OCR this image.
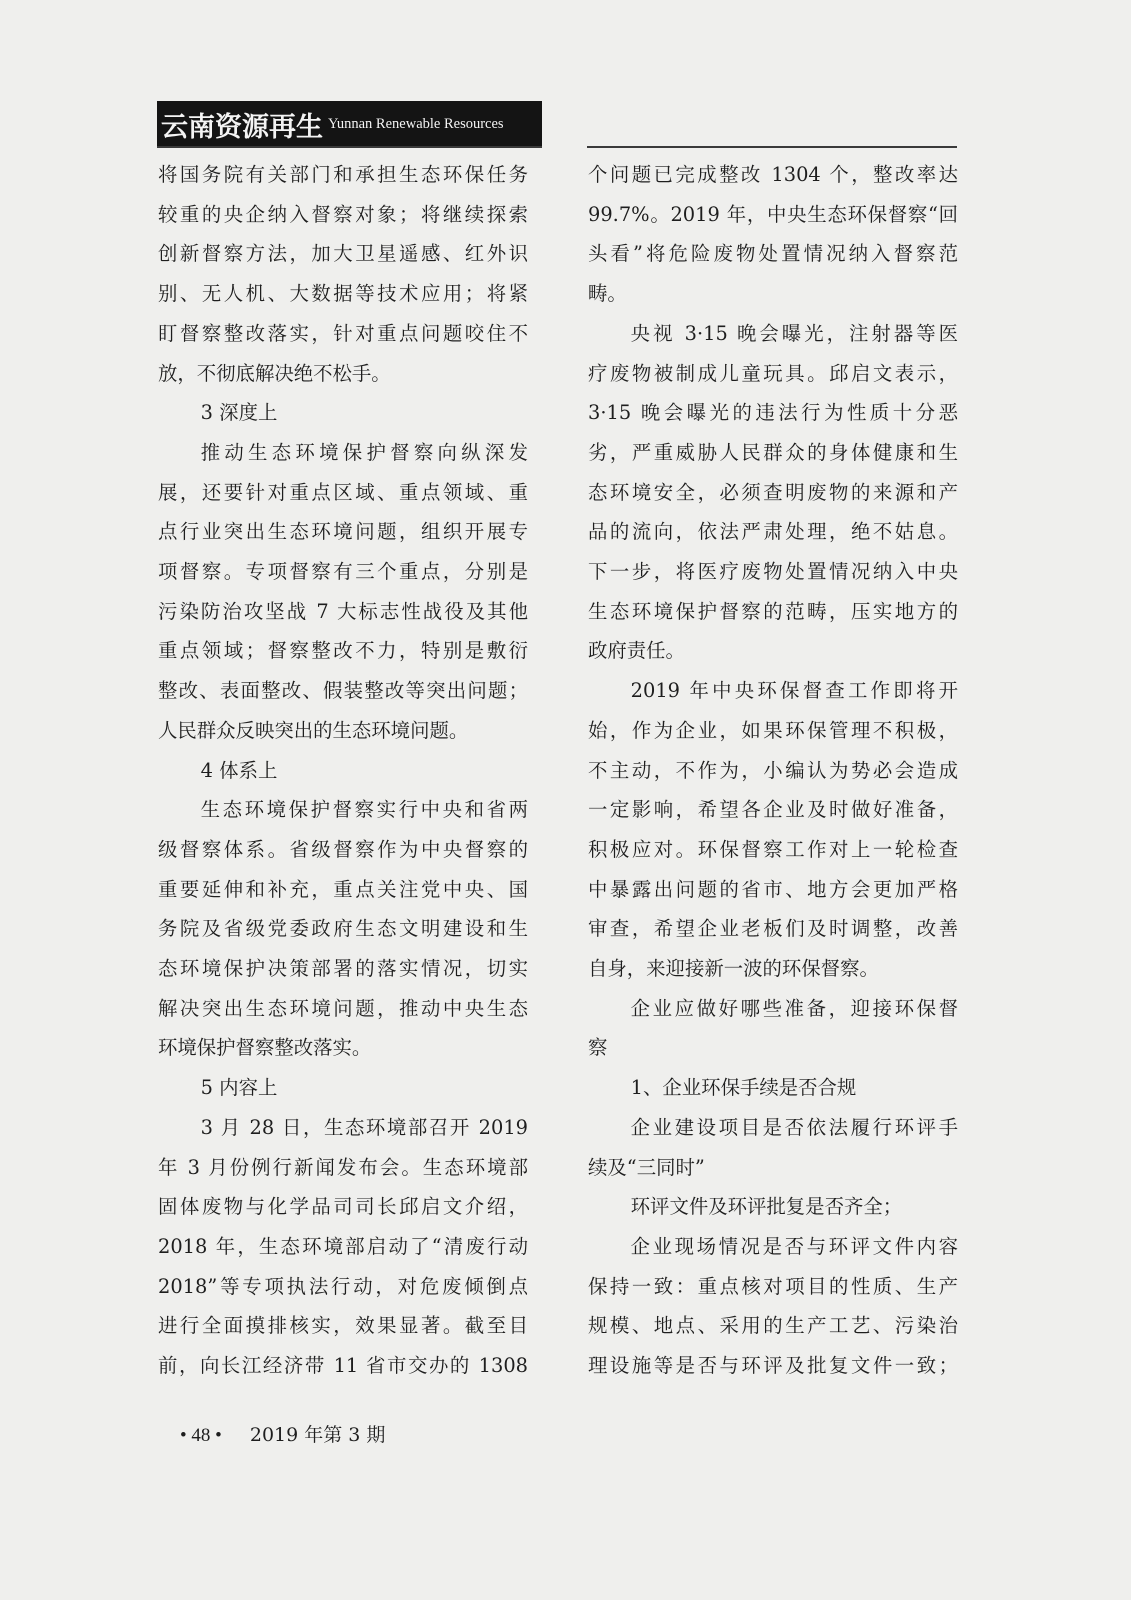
云南资源再生 Yunnan Renewable Resources
将国务院有关部门和承担生态环保任务
较重的央企纳入督察对象；将继续探索
创新督察方法，加大卫星遥感、红外识
别、无人机、大数据等技术应用；将紧
盯督察整改落实，针对重点问题咬住不
放，不彻底解决绝不松手。
3 深度上
推动生态环境保护督察向纵深发
展，还要针对重点区域、重点领域、重
点行业突出生态环境问题，组织开展专
项督察。专项督察有三个重点，分别是
污染防治攻坚战 7 大标志性战役及其他
重点领域；督察整改不力，特别是敷衍
整改、表面整改、假装整改等突出问题；
人民群众反映突出的生态环境问题。
4 体系上
生态环境保护督察实行中央和省两
级督察体系。省级督察作为中央督察的
重要延伸和补充，重点关注党中央、国
务院及省级党委政府生态文明建设和生
态环境保护决策部署的落实情况，切实
解决突出生态环境问题，推动中央生态
环境保护督察整改落实。
5 内容上
3 月 28 日，生态环境部召开 2019
年 3 月份例行新闻发布会。生态环境部
固体废物与化学品司司长邱启文介绍，
2018 年，生态环境部启动了“清废行动
2018”等专项执法行动，对危废倾倒点
进行全面摸排核实，效果显著。截至目
前，向长江经济带 11 省市交办的 1308
个问题已完成整改 1304 个，整改率达
99.7%。2019 年，中央生态环保督察“回
头看”将危险废物处置情况纳入督察范
畴。
央视 3·15 晚会曝光，注射器等医
疗废物被制成儿童玩具。邱启文表示，
3·15 晚会曝光的违法行为性质十分恶
劣，严重威胁人民群众的身体健康和生
态环境安全，必须查明废物的来源和产
品的流向，依法严肃处理，绝不姑息。
下一步，将医疗废物处置情况纳入中央
生态环境保护督察的范畴，压实地方的
政府责任。
2019 年中央环保督查工作即将开
始，作为企业，如果环保管理不积极，
不主动，不作为，小编认为势必会造成
一定影响，希望各企业及时做好准备，
积极应对。环保督察工作对上一轮检查
中暴露出问题的省市、地方会更加严格
审查，希望企业老板们及时调整，改善
自身，来迎接新一波的环保督察。
企业应做好哪些准备，迎接环保督
察
1、企业环保手续是否合规
企业建设项目是否依法履行环评手
续及“三同时”
环评文件及环评批复是否齐全；
企业现场情况是否与环评文件内容
保持一致：重点核对项目的性质、生产
规模、地点、采用的生产工艺、污染治
理设施等是否与环评及批复文件一致；
• 48 • 2019 年第 3 期
